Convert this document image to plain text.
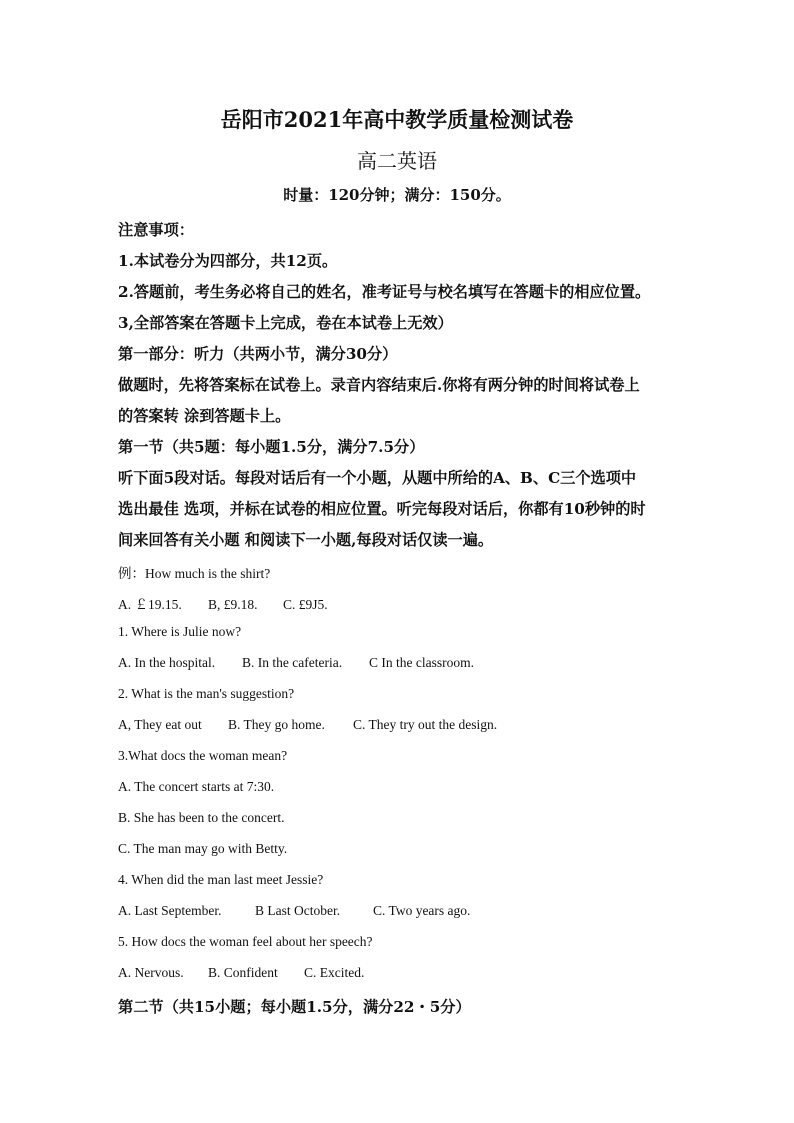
岳阳市2021年高中教学质量检测试卷
高二英语
时量：120分钟；满分：150分。
注意事项：
1.本试卷分为四部分，共12页。
2.答题前，考生务必将自己的姓名，准考证号与校名填写在答题卡的相应位置。
3,全部答案在答题卡上完成，卷在本试卷上无效）
第一部分：听力（共两小节，满分30分）
做题时，先将答案标在试卷上。录音内容结束后.你将有两分钟的时间将试卷上
的答案转 涂到答题卡上。
第一节（共5题：每小题1.5分，满分7.5分）
听下面5段对话。每段对话后有一个小题，从题中所给的A、B、C三个选项中
选出最佳 选项，并标在试卷的相应位置。听完每段对话后，你都有10秒钟的时
间来回答有关小题 和阅读下一小题,每段对话仅读一遍。
例：How much is the shirt?
A. ￡19.15. B, £9.18. C. £9J5.
1. Where is Julie now?
A. In the hospital. B. In the cafeteria. C In the classroom.
2. What is the man's suggestion?
A, They eat out B. They go home. C. They try out the design.
3.What docs the woman mean?
A. The concert starts at 7:30.
B. She has been to the concert.
C. The man may go with Betty.
4. When did the man last meet Jessie?
A. Last September. B Last October. C. Two years ago.
5. How docs the woman feel about her speech?
A. Nervous. B. Confident C. Excited.
第二节（共15小题；每小题1.5分，满分22・5分）
